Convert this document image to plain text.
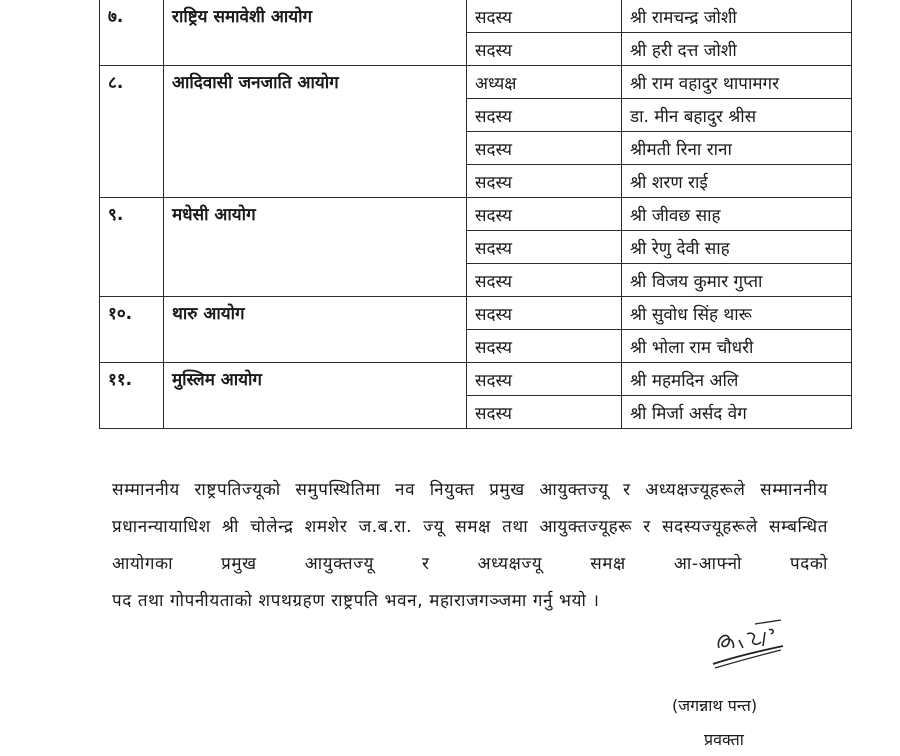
७.	राष्ट्रिय समावेशी आयोग	सदस्य	श्री रामचन्द्र जोशी
		सदस्य	श्री हरी दत्त जोशी
८.	आदिवासी जनजाति आयोग	अध्यक्ष	श्री राम वहादुर थापामगर
		सदस्य	डा. मीन बहादुर श्रीस
		सदस्य	श्रीमती रिना राना
		सदस्य	श्री शरण राई
९.	मधेसी आयोग	सदस्य	श्री जीवछ साह
		सदस्य	श्री रेणु देवी साह
		सदस्य	श्री विजय कुमार गुप्ता
१०.	थारु आयोग	सदस्य	श्री सुवोध सिंह थारू
		सदस्य	श्री भोला राम चौधरी
११.	मुस्लिम आयोग	सदस्य	श्री महमदिन अलि
		सदस्य	श्री मिर्जा अर्सद वेग
सम्माननीय राष्ट्रपतिज्यूको समुपस्थितिमा नव नियुक्त प्रमुख आयुक्तज्यू र अध्यक्षज्यूहरूले सम्माननीय प्रधानन्यायाधिश श्री चोलेन्द्र शमशेर ज.ब.रा. ज्यू समक्ष तथा आयुक्तज्यूहरू र सदस्यज्यूहरूले सम्बन्धित आयोगका प्रमुख आयुक्तज्यू र अध्यक्षज्यू समक्ष आ-आफ्नो पदको
पद तथा गोपनीयताको शपथग्रहण राष्ट्रपति भवन, महाराजगञ्जमा गर्नु भयो ।
(जगन्नाथ पन्त)
प्रवक्ता
